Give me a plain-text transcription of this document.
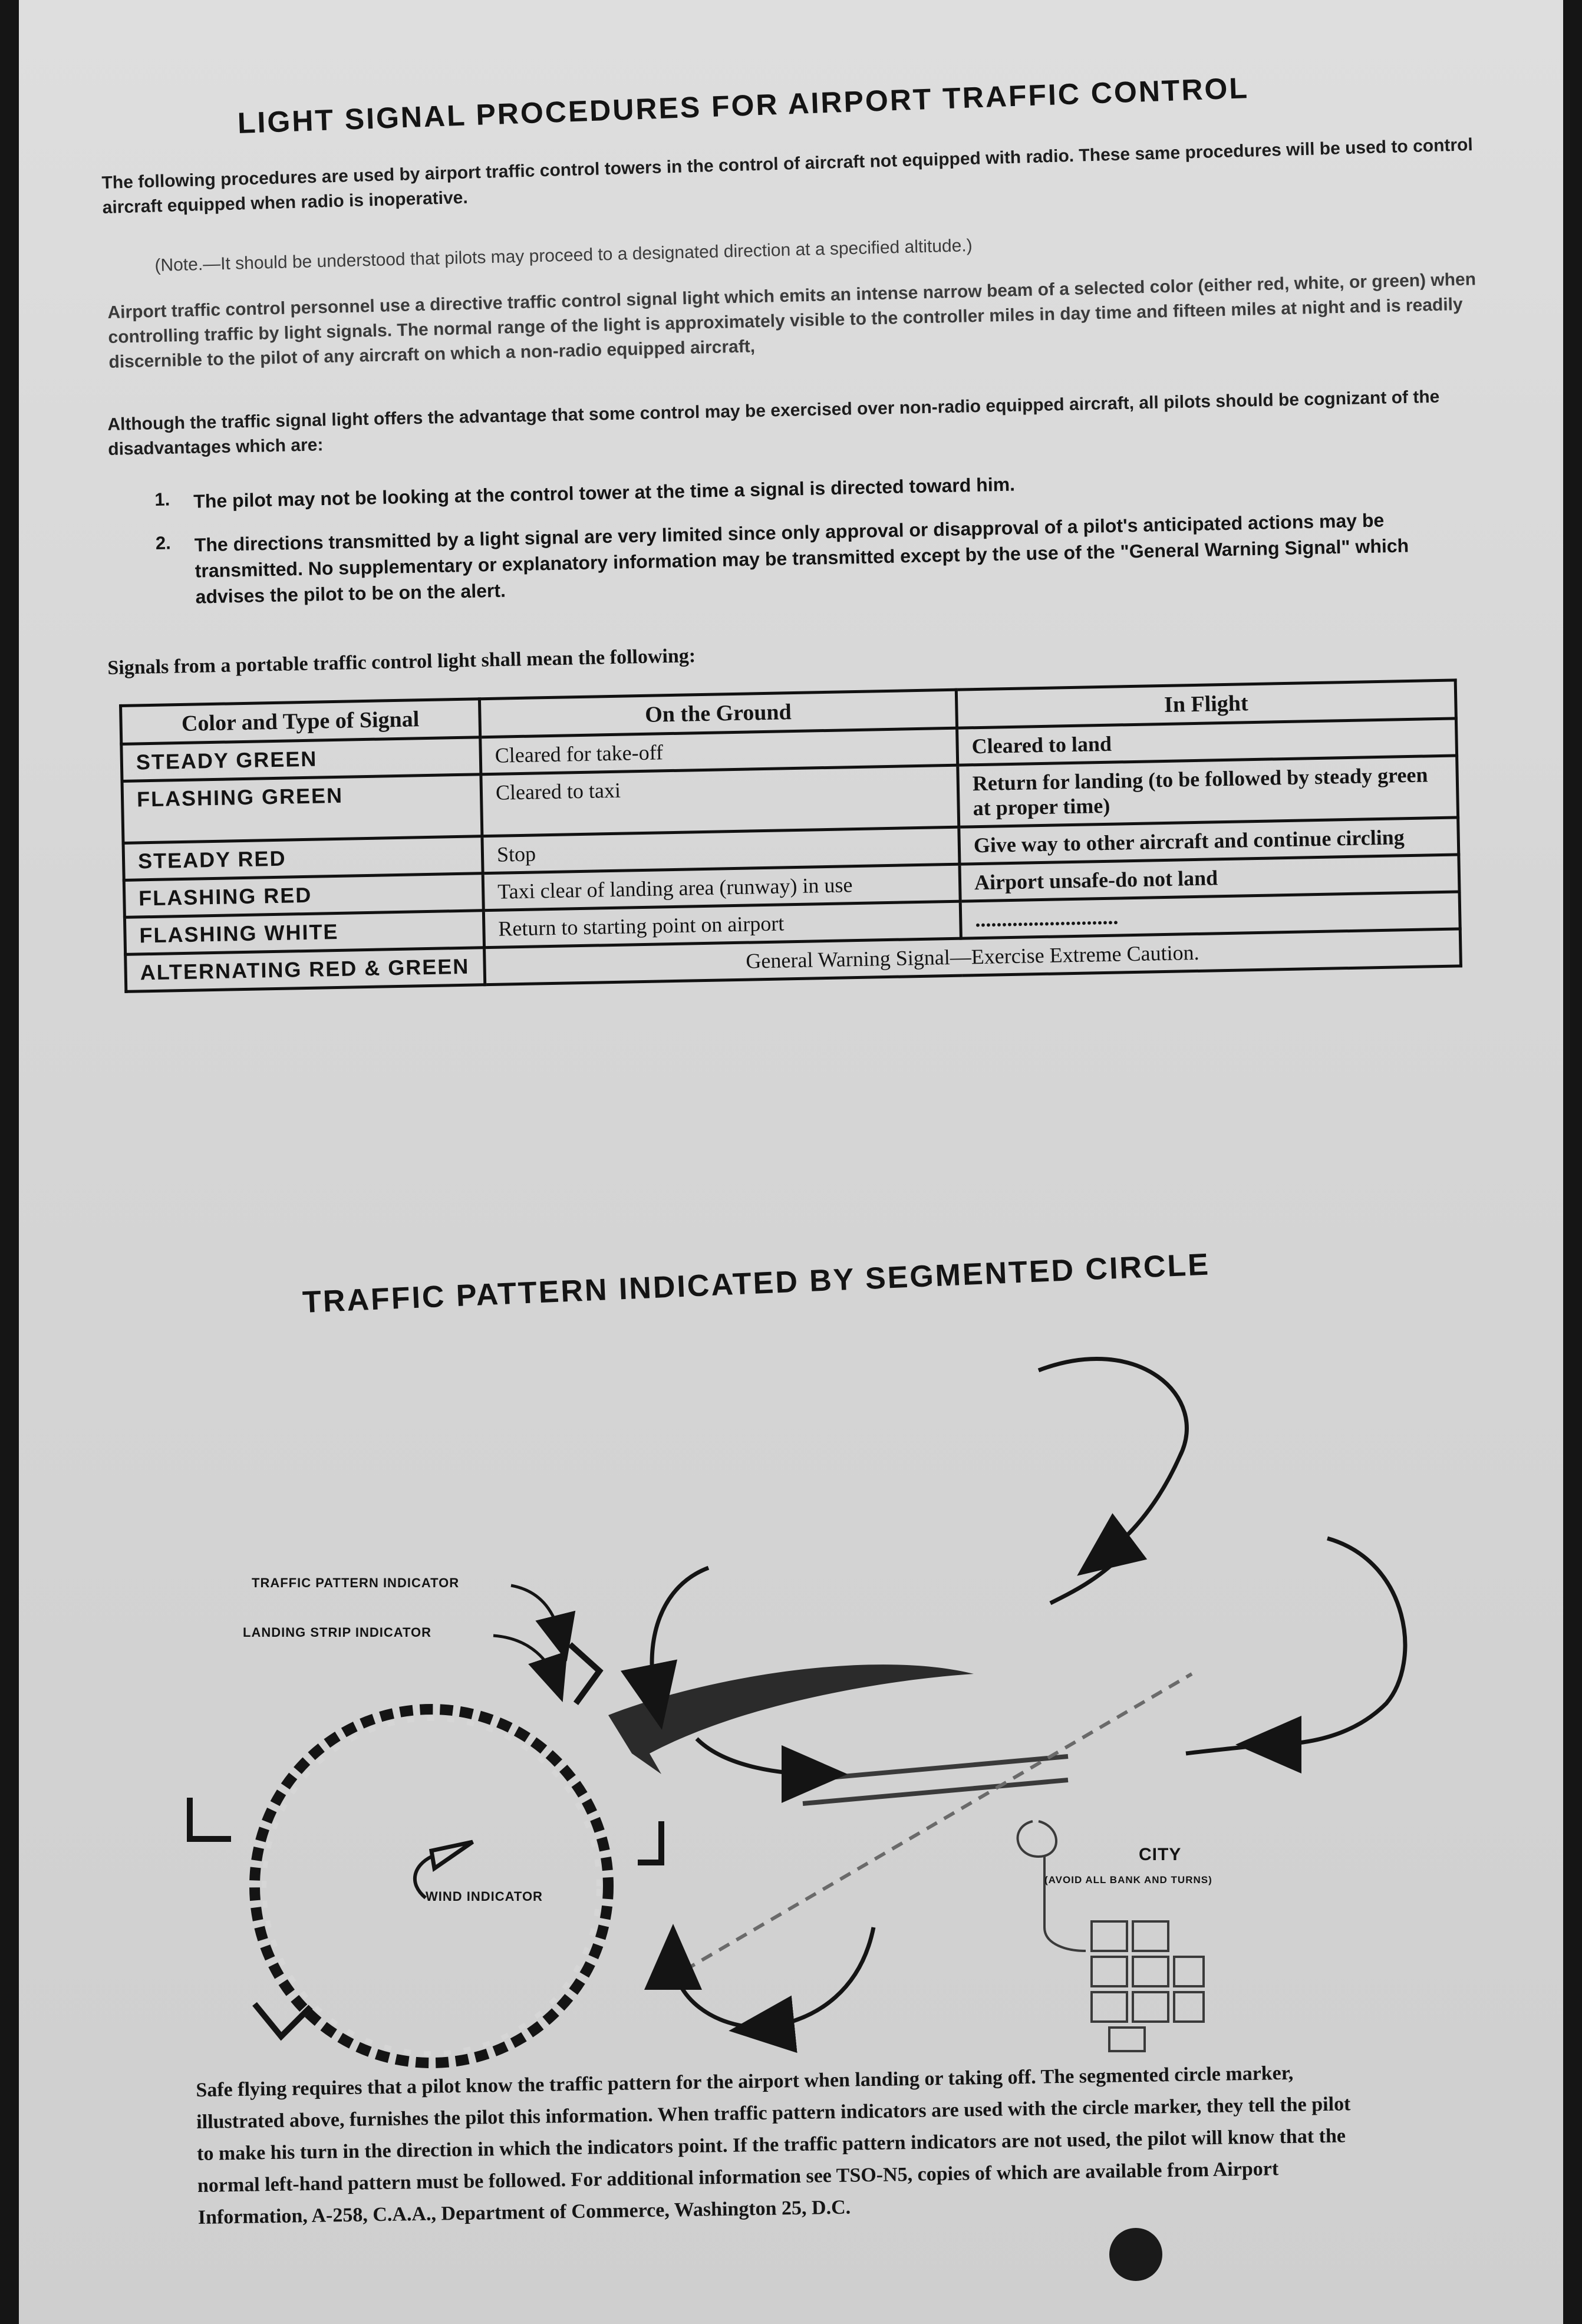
LIGHT SIGNAL PROCEDURES FOR AIRPORT TRAFFIC CONTROL
The following procedures are used by airport traffic control towers in the control of aircraft not equipped with radio. These same procedures will be used to control aircraft equipped when radio is inoperative.
(Note.—It should be understood that pilots may proceed to a designated direction at a specified altitude.)
Airport traffic control personnel use a directive traffic control signal light which emits an intense narrow beam of a selected color (either red, white, or green) when controlling traffic by light signals. The normal range of the light is approximately visible to the controller miles in day time and fifteen miles at night and is readily discernible to the pilot of any aircraft on which a non-radio equipped aircraft,
Although the traffic signal light offers the advantage that some control may be exercised over non-radio equipped aircraft, all pilots should be cognizant of the disadvantages which are:
1. The pilot may not be looking at the control tower at the time a signal is directed toward him.
2. The directions transmitted by a light signal are very limited since only approval or disapproval of a pilot's anticipated actions may be transmitted. No supplementary or explanatory information may be transmitted except by the use of the "General Warning Signal" which advises the pilot to be on the alert.
Signals from a portable traffic control light shall mean the following:
Color and Type of Signal	On the Ground	In Flight
STEADY GREEN	Cleared for take-off	Cleared to land
FLASHING GREEN	Cleared to taxi	Return for landing (to be followed by steady green at proper time)
STEADY RED	Stop	Give way to other aircraft and continue circling
FLASHING RED	Taxi clear of landing area (runway) in use	Airport unsafe-do not land
FLASHING WHITE	Return to starting point on airport	...........................
ALTERNATING RED & GREEN	General Warning Signal—Exercise Extreme Caution.	
TRAFFIC PATTERN INDICATED BY SEGMENTED CIRCLE
TRAFFIC PATTERN INDICATOR
LANDING STRIP INDICATOR
WIND INDICATOR
CITY
(AVOID ALL BANK AND TURNS)
Safe flying requires that a pilot know the traffic pattern for the airport when landing or taking off. The segmented circle marker, illustrated above, furnishes the pilot this information. When traffic pattern indicators are used with the circle marker, they tell the pilot to make his turn in the direction in which the indicators point. If the traffic pattern indicators are not used, the pilot will know that the normal left-hand pattern must be followed. For additional information see TSO-N5, copies of which are available from Airport Information, A-258, C.A.A., Department of Commerce, Washington 25, D.C.
